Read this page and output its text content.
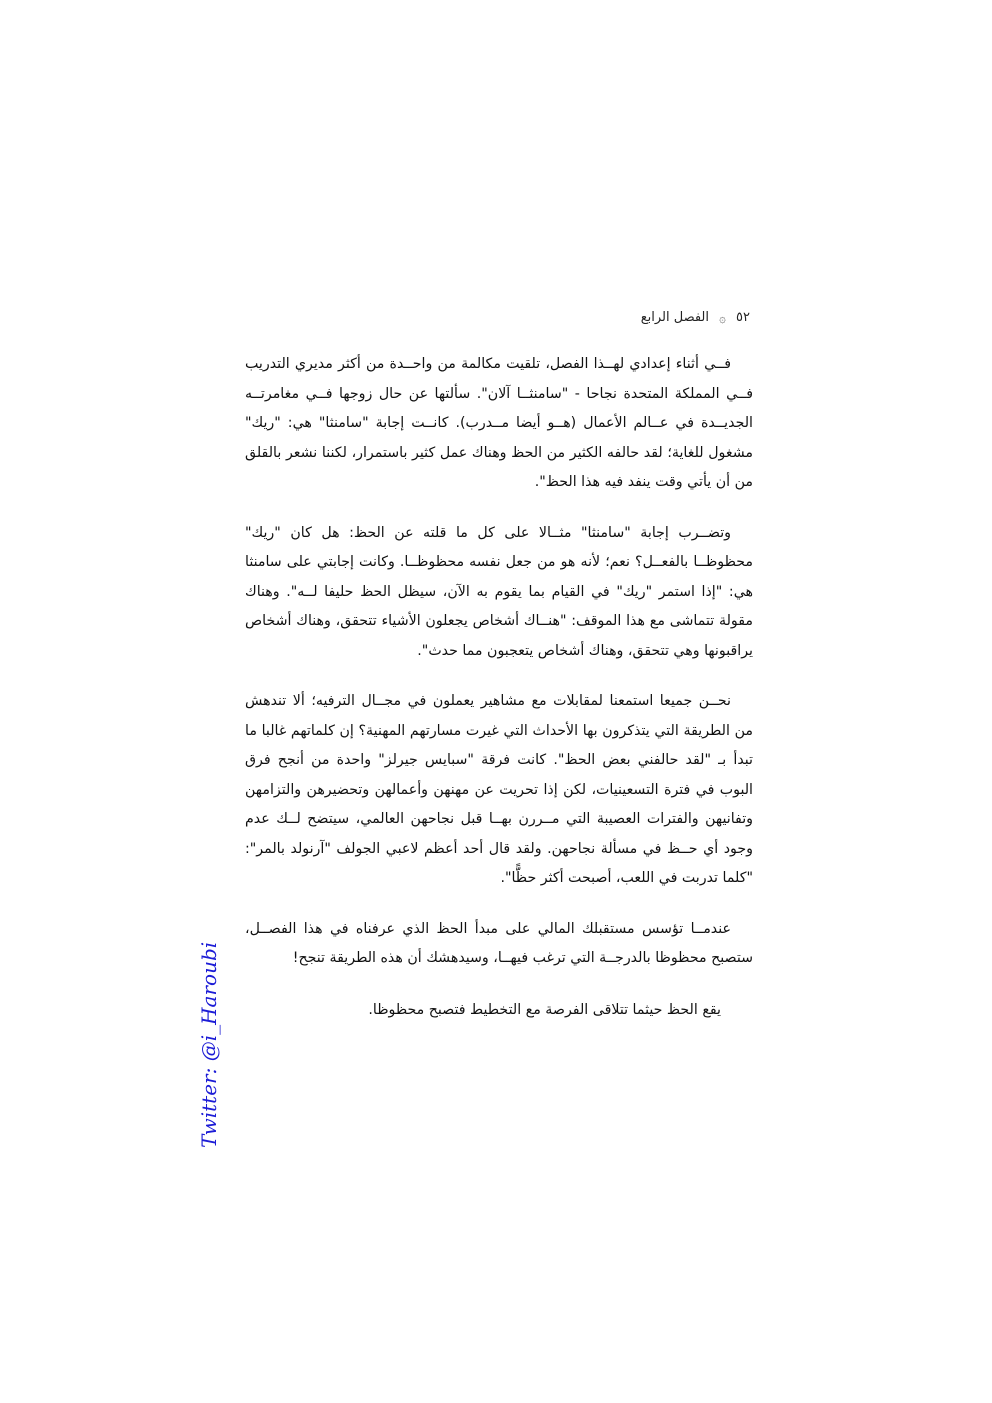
٥٢
۞
الفصل الرابع

فــي أثناء إعدادي لهــذا الفصل، تلقيت مكالمة من واحــدة من أكثر مديري التدريب فــي المملكة المتحدة نجاحا - "سامنثــا آلان". سألتها عن حال زوجها فــي مغامرتــه الجديــدة في عــالم الأعمال (هــو أيضا مــدرب). كانــت إجابة "سامنثا" هي: "ريك" مشغول للغاية؛ لقد حالفه الكثير من الحظ وهناك عمل كثير باستمرار، لكننا نشعر بالقلق من أن يأتي وقت ينفد فيه هذا الحظ".

وتضــرب إجابة "سامنثا" مثــالا على كل ما قلته عن الحظ: هل كان "ريك" محظوظــا بالفعــل؟ نعم؛ لأنه هو من جعل نفسه محظوظــا. وكانت إجابتي على سامنثا هي: "إذا استمر "ريك" في القيام بما يقوم به الآن، سيظل الحظ حليفا لــه". وهناك مقولة تتماشى مع هذا الموقف: "هنــاك أشخاص يجعلون الأشياء تتحقق، وهناك أشخاص يراقبونها وهي تتحقق، وهناك أشخاص يتعجبون مما حدث".

نحــن جميعا استمعنا لمقابلات مع مشاهير يعملون في مجــال الترفيه؛ ألا تندهش من الطريقة التي يتذكرون بها الأحداث التي غيرت مسارتهم المهنية؟ إن كلماتهم غالبا ما تبدأ بـ "لقد حالفني بعض الحظ". كانت فرقة "سبايس جيرلز" واحدة من أنجح فرق البوب في فترة التسعينيات، لكن إذا تحريت عن مهنهن وأعمالهن وتحضيرهن والتزامهن وتفانيهن والفترات العصيبة التي مــررن بهــا قبل نجاحهن العالمي، سيتضح لــك عدم وجود أي حــظ في مسألة نجاحهن. ولقد قال أحد أعظم لاعبي الجولف "آرنولد بالمر": "كلما تدربت في اللعب، أصبحت أكثر حظًّا".

عندمــا تؤسس مستقبلك المالي على مبدأ الحظ الذي عرفناه في هذا الفصــل، ستصبح محظوظا بالدرجــة التي ترغب فيهــا، وسيدهشك أن هذه الطريقة تنجح!

يقع الحظ حيثما تتلاقى الفرصة مع التخطيط فتصبح محظوظا.

Twitter: @i_Haroubi
